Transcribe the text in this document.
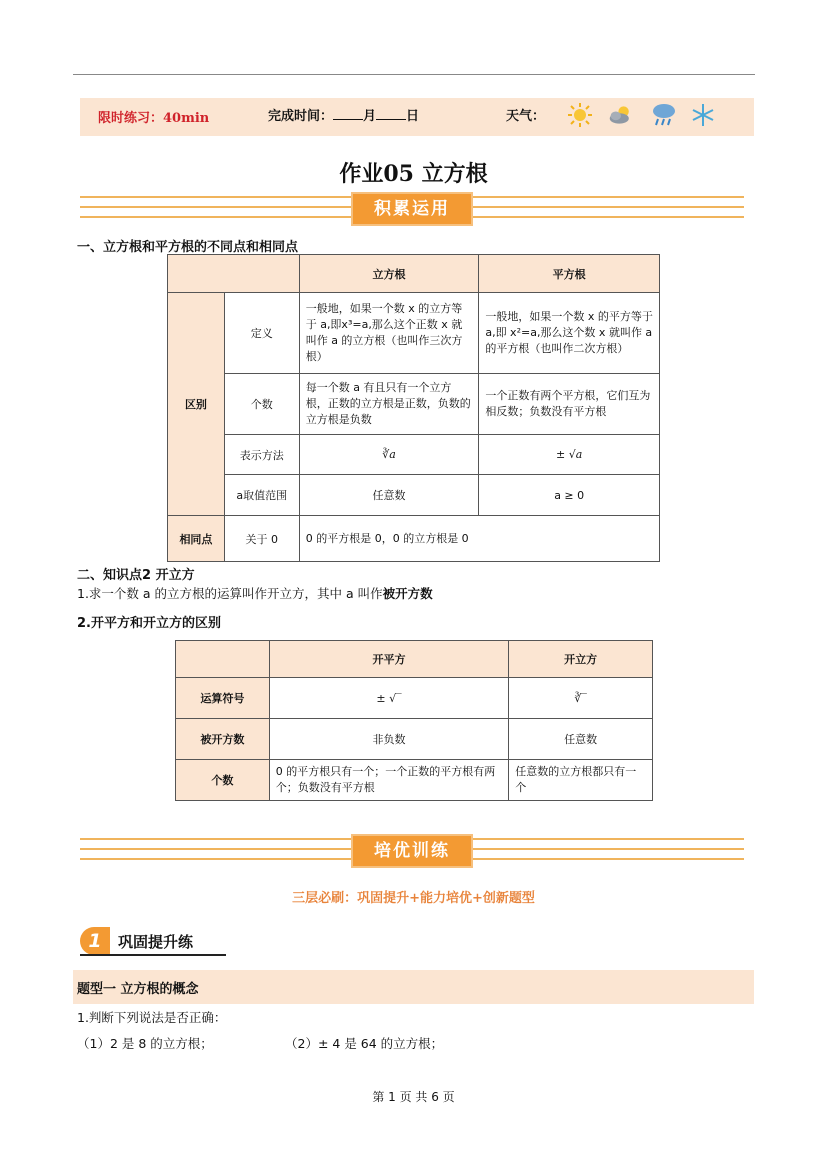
限时练习：40min	完成时间： 月 日	天气：
作业05 立方根
积累运用
一、立方根和平方根的不同点和相同点
		立方根	平方根
区别	定义	一般地，如果一个数 x 的立方等于 a,即x³=a,那么这个正数 x 就叫作 a 的立方根（也叫作三次方根）	一般地，如果一个数 x 的平方等于 a,即 x²=a,那么这个数 x 就叫作 a 的平方根（也叫作二次方根）
	个数	每一个数 a 有且只有一个立方根，正数的立方根是正数，负数的立方根是负数	一个正数有两个平方根，它们互为相反数；负数没有平方根
	表示方法	∛a	± √a
	a取值范围	任意数	a ≥ 0
相同点	关于 0	0 的平方根是 0，0 的立方根是 0	
二、知识点2 开立方
1.求一个数 a 的立方根的运算叫作开立方，其中 a 叫作被开方数
2.开平方和开立方的区别
	开平方	开立方
运算符号	± √‾	∛‾
被开方数	非负数	任意数
个数	0 的平方根只有一个；一个正数的平方根有两个；负数没有平方根	任意数的立方根都只有一个
培优训练
三层必刷：巩固提升+能力培优+创新题型
1	巩固提升练
题型一 立方根的概念
1.判断下列说法是否正确：
（1）2 是 8 的立方根；	（2）± 4 是 64 的立方根；
第 1 页 共 6 页
